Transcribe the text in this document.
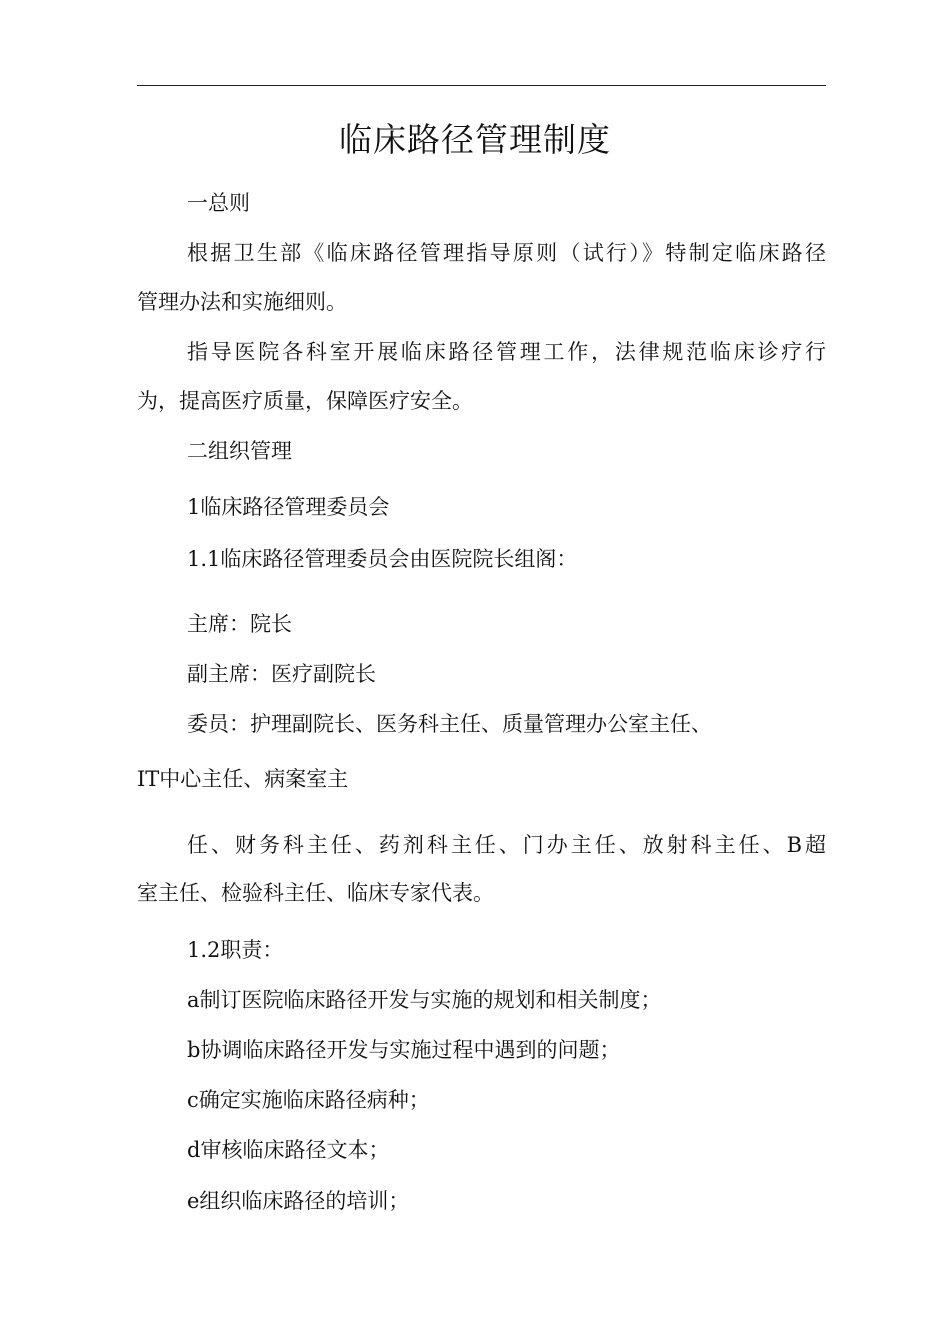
临床路径管理制度
一总则
根据卫生部《临床路径管理指导原则（试行）》特制定临床路径
管理办法和实施细则。
指导医院各科室开展临床路径管理工作，法律规范临床诊疗行
为，提高医疗质量，保障医疗安全。
二组织管理
1临床路径管理委员会
1.1临床路径管理委员会由医院院长组阁：
主席：院长
副主席：医疗副院长
委员：护理副院长、医务科主任、质量管理办公室主任、
IT中心主任、病案室主
任、财务科主任、药剂科主任、门办主任、放射科主任、B超
室主任、检验科主任、临床专家代表。
1.2职责：
a制订医院临床路径开发与实施的规划和相关制度；
b协调临床路径开发与实施过程中遇到的问题；
c确定实施临床路径病种；
d审核临床路径文本；
e组织临床路径的培训；
